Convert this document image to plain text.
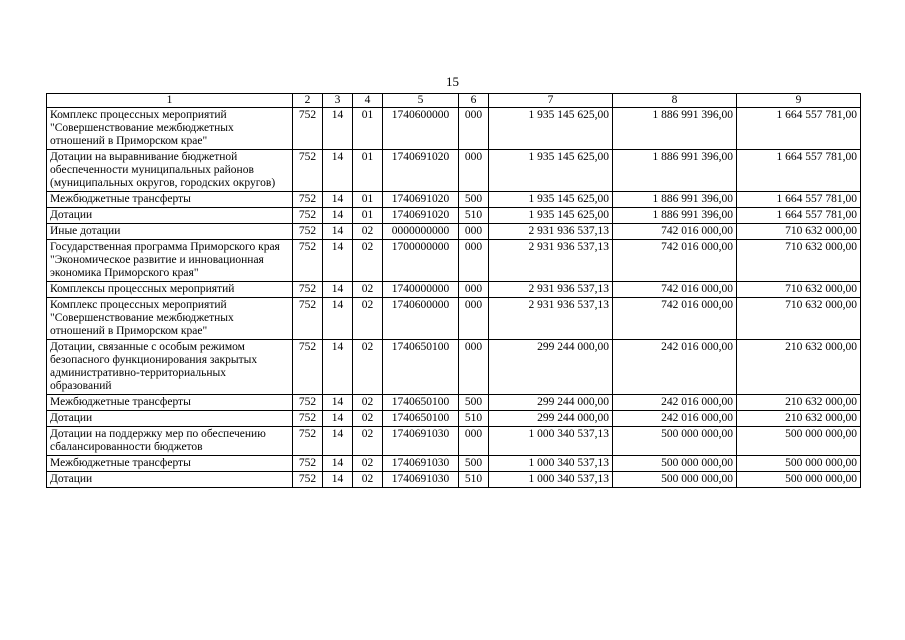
15
1	2	3	4	5	6	7	8	9
Комплекс процессных мероприятий "Совершенствование межбюджетных отношений в Приморском крае"	752	14	01	1740600000	000	1 935 145 625,00	1 886 991 396,00	1 664 557 781,00
Дотации на выравнивание бюджетной обеспеченности муниципальных районов (муниципальных округов, городских округов)	752	14	01	1740691020	000	1 935 145 625,00	1 886 991 396,00	1 664 557 781,00
Межбюджетные трансферты	752	14	01	1740691020	500	1 935 145 625,00	1 886 991 396,00	1 664 557 781,00
Дотации	752	14	01	1740691020	510	1 935 145 625,00	1 886 991 396,00	1 664 557 781,00
Иные дотации	752	14	02	0000000000	000	2 931 936 537,13	742 016 000,00	710 632 000,00
Государственная программа Приморского края "Экономическое развитие и инновационная экономика Приморского края"	752	14	02	1700000000	000	2 931 936 537,13	742 016 000,00	710 632 000,00
Комплексы процессных мероприятий	752	14	02	1740000000	000	2 931 936 537,13	742 016 000,00	710 632 000,00
Комплекс процессных мероприятий "Совершенствование межбюджетных отношений в Приморском крае"	752	14	02	1740600000	000	2 931 936 537,13	742 016 000,00	710 632 000,00
Дотации, связанные с особым режимом безопасного функционирования закрытых административно-территориальных образований	752	14	02	1740650100	000	299 244 000,00	242 016 000,00	210 632 000,00
Межбюджетные трансферты	752	14	02	1740650100	500	299 244 000,00	242 016 000,00	210 632 000,00
Дотации	752	14	02	1740650100	510	299 244 000,00	242 016 000,00	210 632 000,00
Дотации на поддержку мер по обеспечению сбалансированности бюджетов	752	14	02	1740691030	000	1 000 340 537,13	500 000 000,00	500 000 000,00
Межбюджетные трансферты	752	14	02	1740691030	500	1 000 340 537,13	500 000 000,00	500 000 000,00
Дотации	752	14	02	1740691030	510	1 000 340 537,13	500 000 000,00	500 000 000,00
